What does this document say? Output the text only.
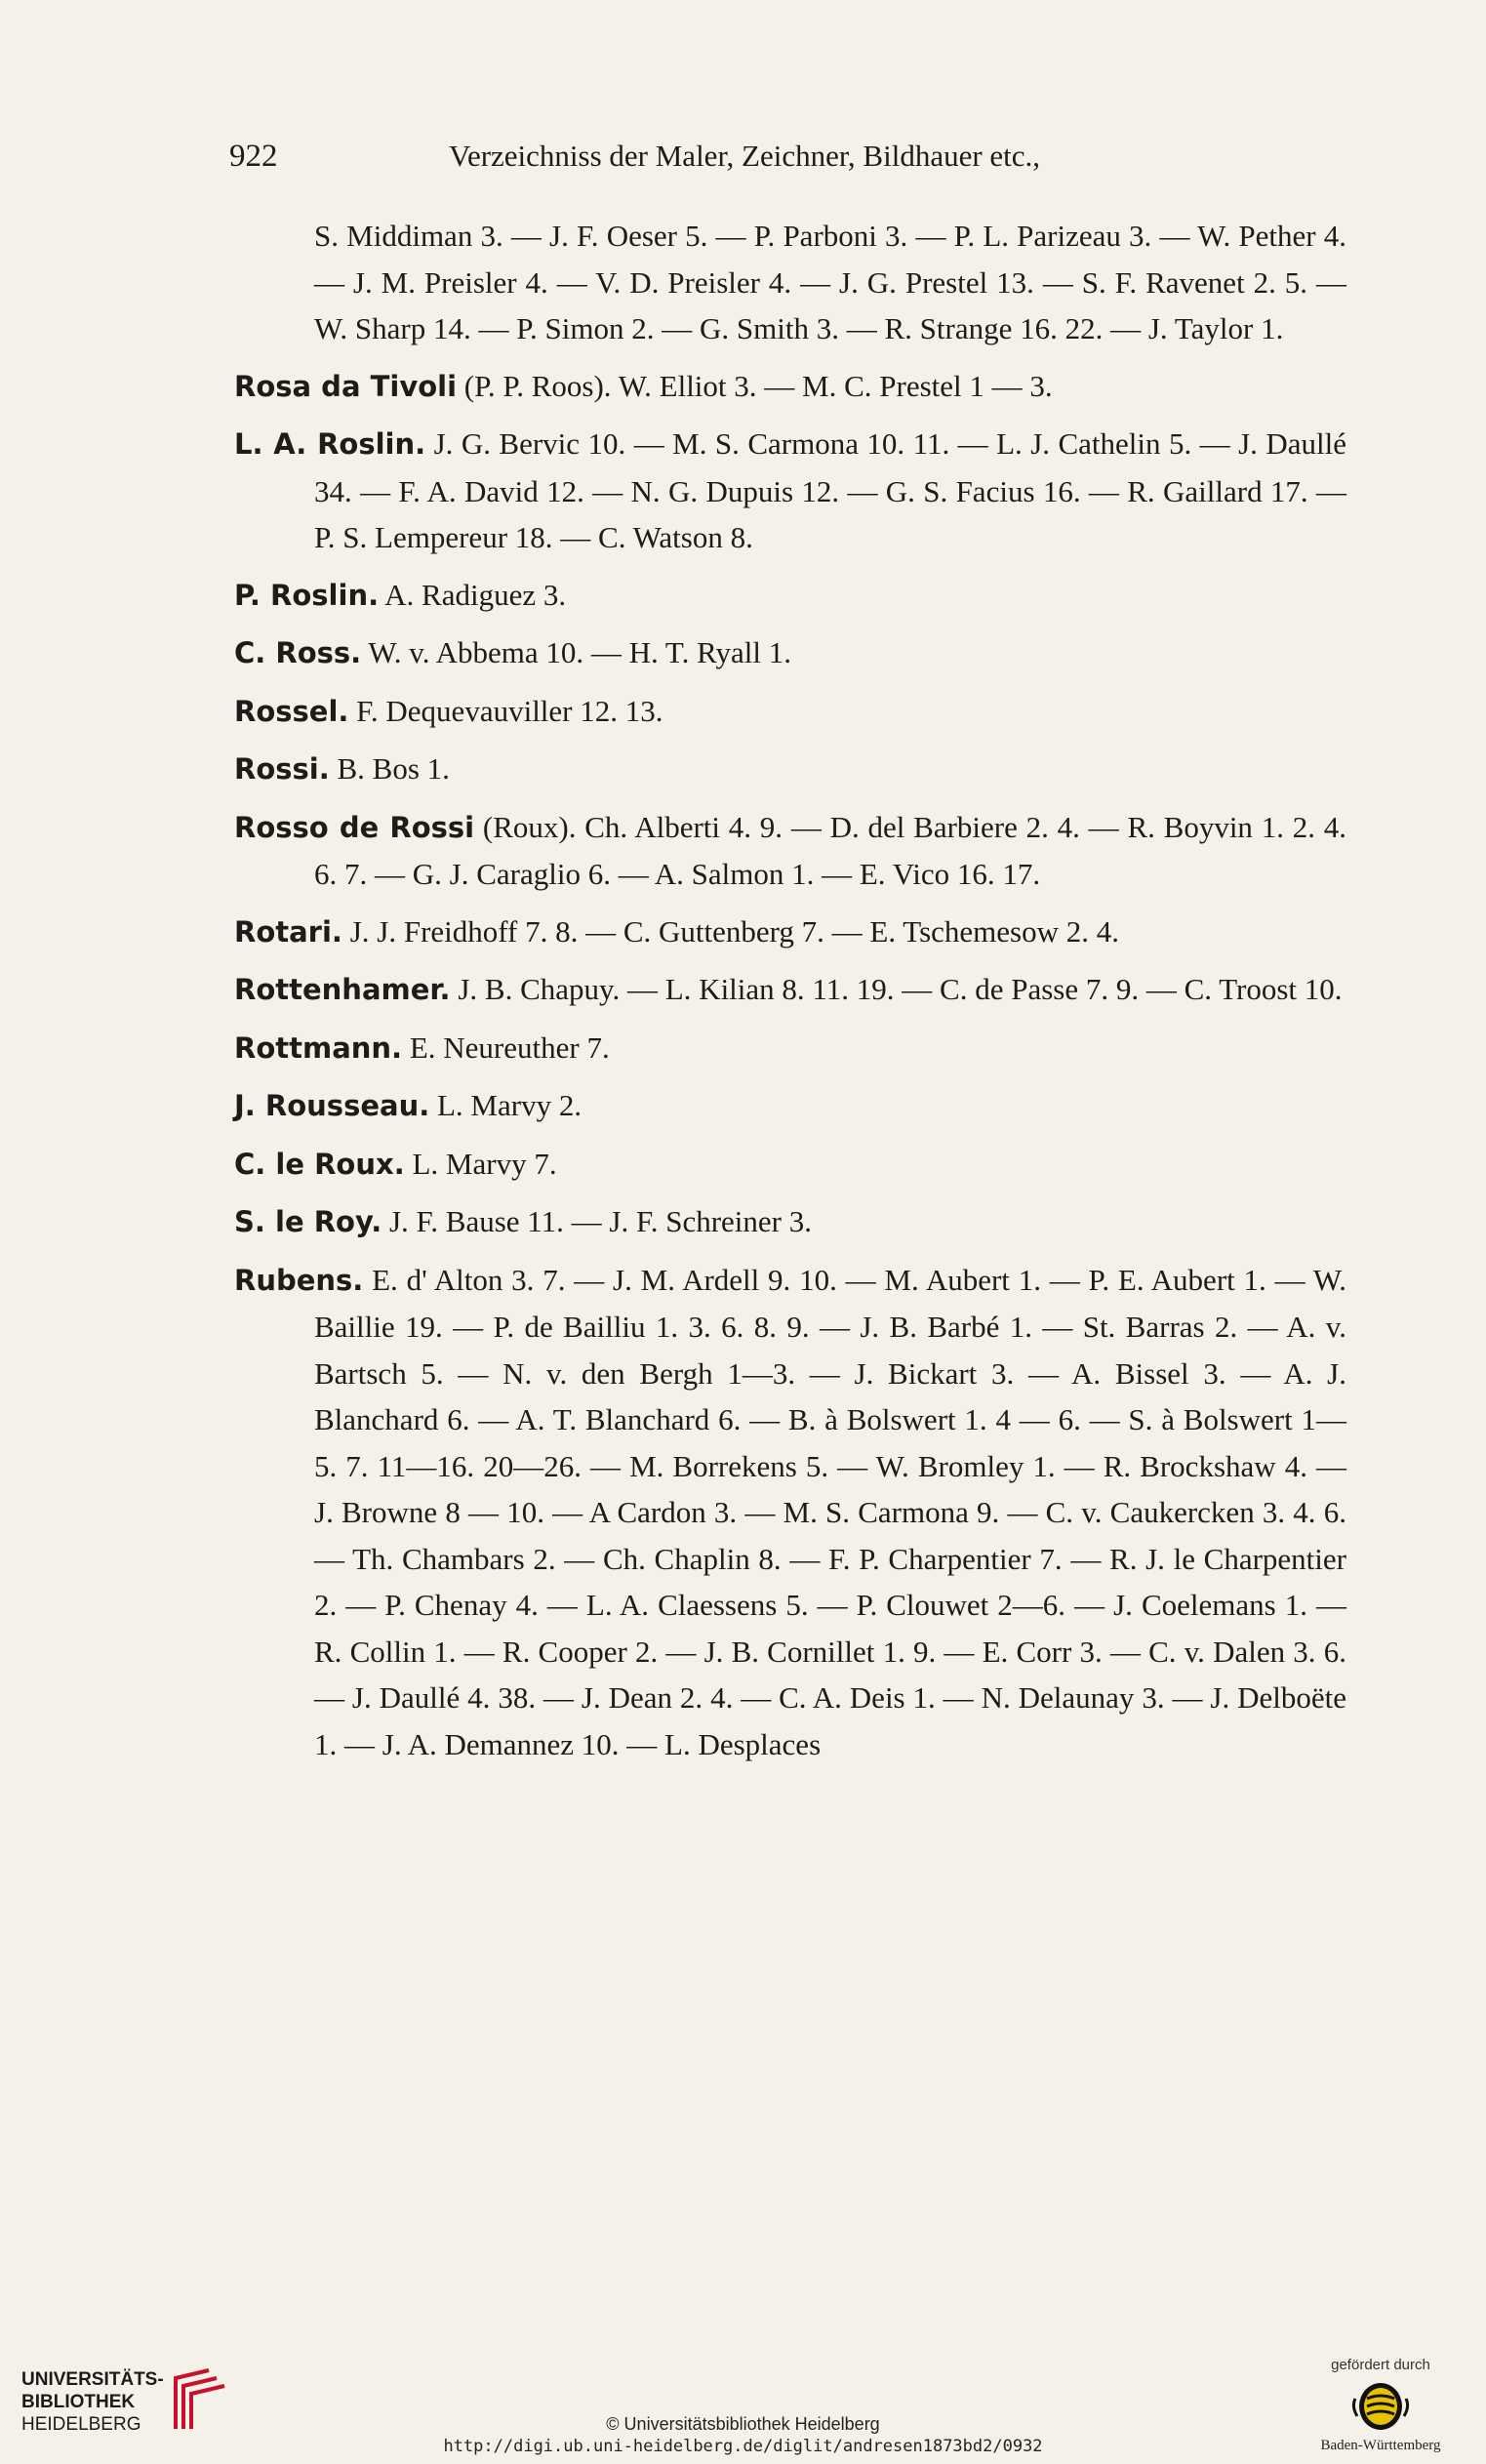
922	Verzeichniss der Maler, Zeichner, Bildhauer etc.,

S. Middiman 3. — J. F. Oeser 5. — P. Parboni 3. — P. L. Parizeau 3. — W. Pether 4. — J. M. Preisler 4. — V. D. Preisler 4. — J. G. Prestel 13. — S. F. Ravenet 2. 5. — W. Sharp 14. — P. Simon 2. — G. Smith 3. — R. Strange 16. 22. — J. Taylor 1.

Rosa da Tivoli (P. P. Roos). W. Elliot 3. — M. C. Prestel 1 — 3.

L. A. Roslin. J. G. Bervic 10. — M. S. Carmona 10. 11. — L. J. Cathelin 5. — J. Daullé 34. — F. A. David 12. — N. G. Dupuis 12. — G. S. Facius 16. — R. Gaillard 17. — P. S. Lempereur 18. — C. Watson 8.

P. Roslin. A. Radiguez 3.

C. Ross. W. v. Abbema 10. — H. T. Ryall 1.

Rossel. F. Dequevauviller 12. 13.

Rossi. B. Bos 1.

Rosso de Rossi (Roux). Ch. Alberti 4. 9. — D. del Barbiere 2. 4. — R. Boyvin 1. 2. 4. 6. 7. — G. J. Caraglio 6. — A. Salmon 1. — E. Vico 16. 17.

Rotari. J. J. Freidhoff 7. 8. — C. Guttenberg 7. — E. Tschemesow 2. 4.

Rottenhamer. J. B. Chapuy. — L. Kilian 8. 11. 19. — C. de Passe 7. 9. — C. Troost 10.

Rottmann. E. Neureuther 7.

J. Rousseau. L. Marvy 2.

C. le Roux. L. Marvy 7.

S. le Roy. J. F. Bause 11. — J. F. Schreiner 3.

Rubens. E. d' Alton 3. 7. — J. M. Ardell 9. 10. — M. Aubert 1. — P. E. Aubert 1. — W. Baillie 19. — P. de Bailliu 1. 3. 6. 8. 9. — J. B. Barbé 1. — St. Barras 2. — A. v. Bartsch 5. — N. v. den Bergh 1—3. — J. Bickart 3. — A. Bissel 3. — A. J. Blanchard 6. — A. T. Blanchard 6. — B. à Bolswert 1. 4 — 6. — S. à Bolswert 1—5. 7. 11—16. 20—26. — M. Borrekens 5. — W. Bromley 1. — R. Brockshaw 4. — J. Browne 8 — 10. — A Cardon 3. — M. S. Carmona 9. — C. v. Caukercken 3. 4. 6. — Th. Chambars 2. — Ch. Chaplin 8. — F. P. Charpentier 7. — R. J. le Charpentier 2. — P. Chenay 4. — L. A. Claessens 5. — P. Clouwet 2—6. — J. Coelemans 1. — R. Collin 1. — R. Cooper 2. — J. B. Cornillet 1. 9. — E. Corr 3. — C. v. Dalen 3. 6. — J. Daullé 4. 38. — J. Dean 2. 4. — C. A. Deis 1. — N. Delaunay 3. — J. Delboëte 1. — J. A. Demannez 10. — L. Desplaces

UNIVERSITÄTS-
BIBLIOTHEK
HEIDELBERG	© Universitätsbibliothek Heidelberg
http://digi.ub.uni-heidelberg.de/diglit/andresen1873bd2/0932
gefördert durch
Baden-Württemberg
